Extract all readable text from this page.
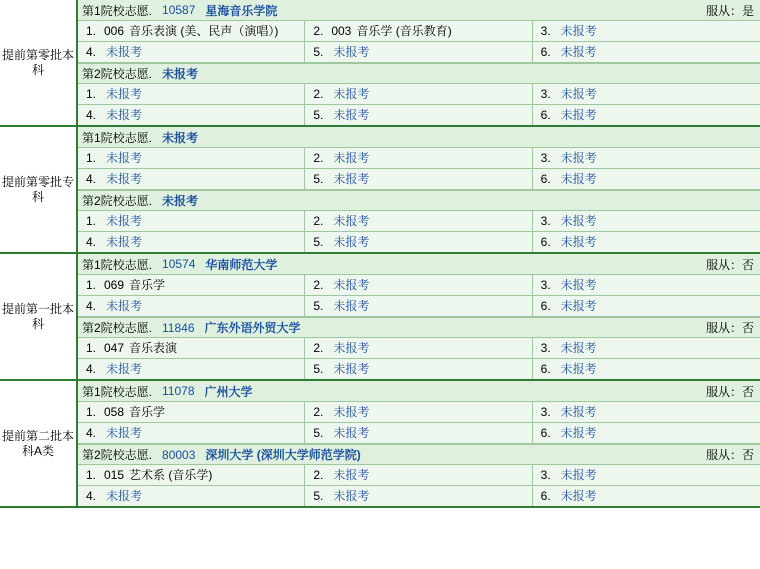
提前第零批本科
第1院校志愿. 10587 星海音乐学院	服从：是
1. 006 音乐表演 (美、民声（演唱）)	2. 003 音乐学 (音乐教育)	3. 未报考
4. 未报考	5. 未报考	6. 未报考
第2院校志愿. 未报考
1. 未报考	2. 未报考	3. 未报考
4. 未报考	5. 未报考	6. 未报考
提前第零批专科
第1院校志愿. 未报考
1. 未报考	2. 未报考	3. 未报考
4. 未报考	5. 未报考	6. 未报考
第2院校志愿. 未报考
1. 未报考	2. 未报考	3. 未报考
4. 未报考	5. 未报考	6. 未报考
提前第一批本科
第1院校志愿. 10574 华南师范大学	服从：否
1. 069 音乐学	2. 未报考	3. 未报考
4. 未报考	5. 未报考	6. 未报考
第2院校志愿. 11846 广东外语外贸大学	服从：否
1. 047 音乐表演	2. 未报考	3. 未报考
4. 未报考	5. 未报考	6. 未报考
提前第二批本科A类
第1院校志愿. 11078 广州大学	服从：否
1. 058 音乐学	2. 未报考	3. 未报考
4. 未报考	5. 未报考	6. 未报考
第2院校志愿. 80003 深圳大学 (深圳大学师范学院)	服从：否
1. 015 艺术系 (音乐学)	2. 未报考	3. 未报考
4. 未报考	5. 未报考	6. 未报考
